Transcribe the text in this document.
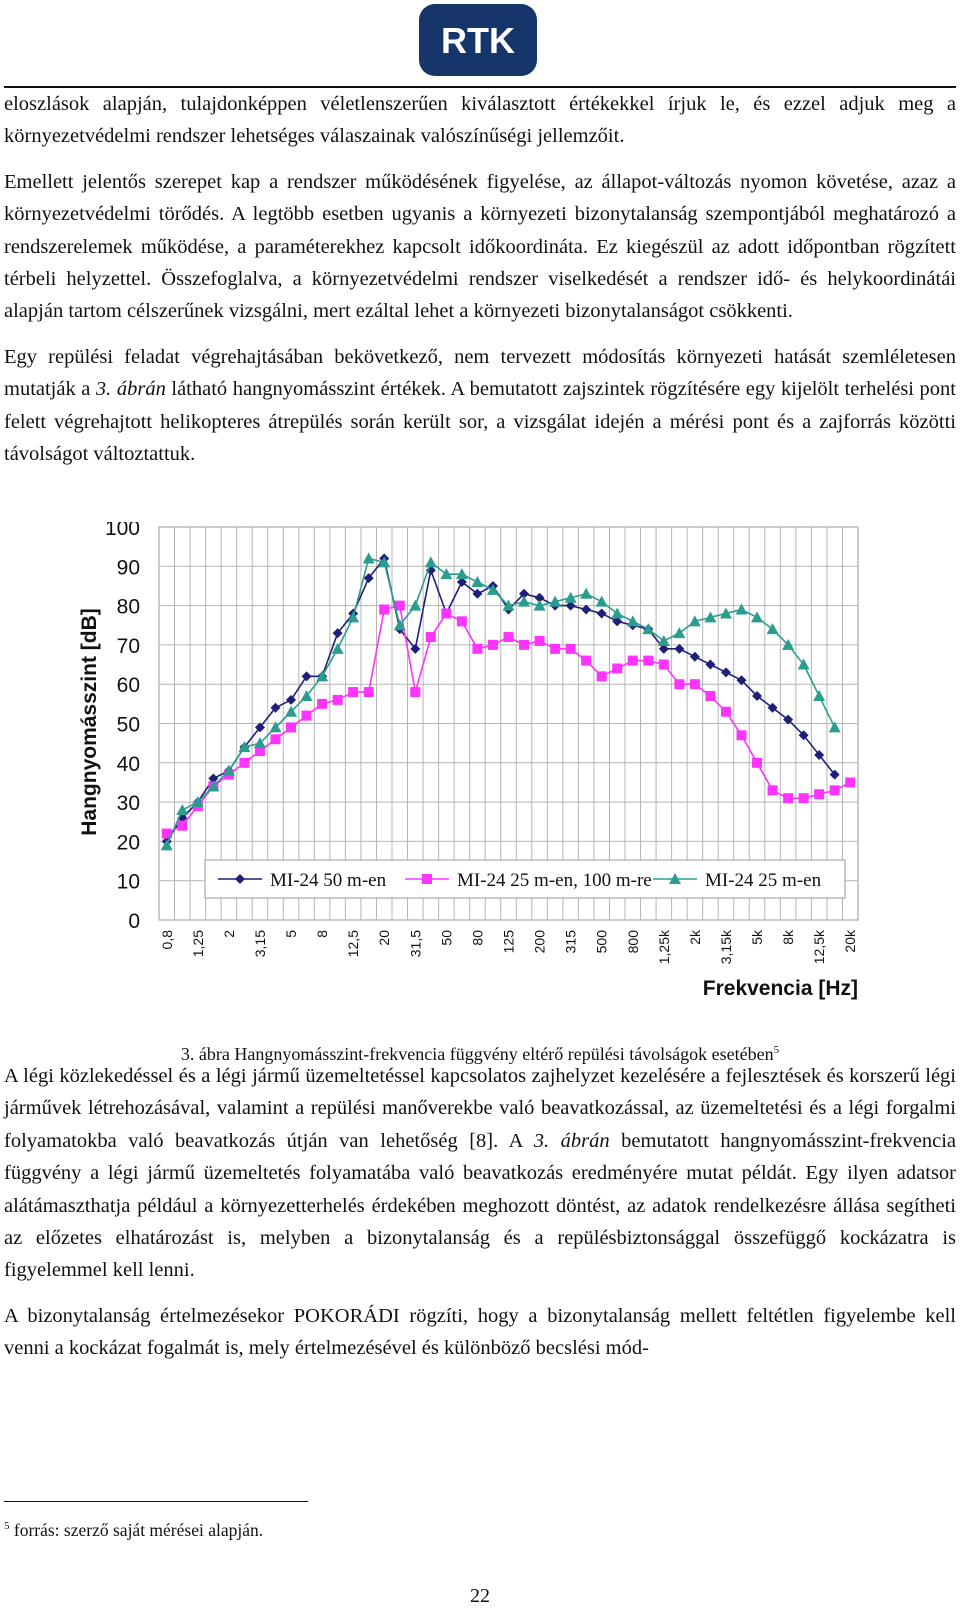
RTK

eloszlások alapján, tulajdonképpen véletlenszerűen kiválasztott értékekkel írjuk le, és ezzel adjuk meg a környezetvédelmi rendszer lehetséges válaszainak valószínűségi jellemzőit.

Emellett jelentős szerepet kap a rendszer működésének figyelése, az állapot-változás nyomon követése, azaz a környezetvédelmi törődés. A legtöbb esetben ugyanis a környezeti bizonytalanság szempontjából meghatározó a rendszerelemek működése, a paraméterekhez kapcsolt időkoordináta. Ez kiegészül az adott időpontban rögzített térbeli helyzettel. Összefoglalva, a környezetvédelmi rendszer viselkedését a rendszer idő- és helykoordinátái alapján tartom célszerűnek vizsgálni, mert ezáltal lehet a környezeti bizonytalanságot csökkenti.

Egy repülési feladat végrehajtásában bekövetkező, nem tervezett módosítás környezeti hatását szemléletesen mutatják a 3. ábrán látható hangnyomásszint értékek. A bemutatott zajszintek rögzítésére egy kijelölt terhelési pont felett végrehajtott helikopteres átrepülés során került sor, a vizsgálat idején a mérési pont és a zajforrás közötti távolságot változtattuk.

0
10
20
30
40
50
60
70
80
90
100
0,8 1,25 2 3,15 5 8 12,5 20 31,5 50 80 125 200 315 500 800 1,25k 2k 3,15k 5k 8k 12,5k 20k
Hangnyomásszint [dB]
Frekvencia [Hz]
MI-24 50 m-en	MI-24 25 m-en, 100 m-re	MI-24 25 m-en
3. ábra Hangnyomásszint-frekvencia függvény eltérő repülési távolságok esetében$^5$

A légi közlekedéssel és a légi jármű üzemeltetéssel kapcsolatos zajhelyzet kezelésére a fejlesztések és korszerű légi járművek létrehozásával, valamint a repülési manőverekbe való beavatkozással, az üzemeltetési és a légi forgalmi folyamatokba való beavatkozás útján van lehetőség [8]. A 3. ábrán bemutatott hangnyomásszint-frekvencia függvény a légi jármű üzemeltetés folyamatába való beavatkozás eredményére mutat példát. Egy ilyen adatsor alátámaszthatja például a környezetterhelés érdekében meghozott döntést, az adatok rendelkezésre állása segítheti az előzetes elhatározást is, melyben a bizonytalanság és a repülésbiztonsággal összefüggő kockázatra is figyelemmel kell lenni.

A bizonytalanság értelmezésekor POKORÁDI rögzíti, hogy a bizonytalanság mellett feltétlen figyelembe kell venni a kockázat fogalmát is, mely értelmezésével és különböző becslési mód-

$^5$ forrás: szerző saját mérései alapján.
22
